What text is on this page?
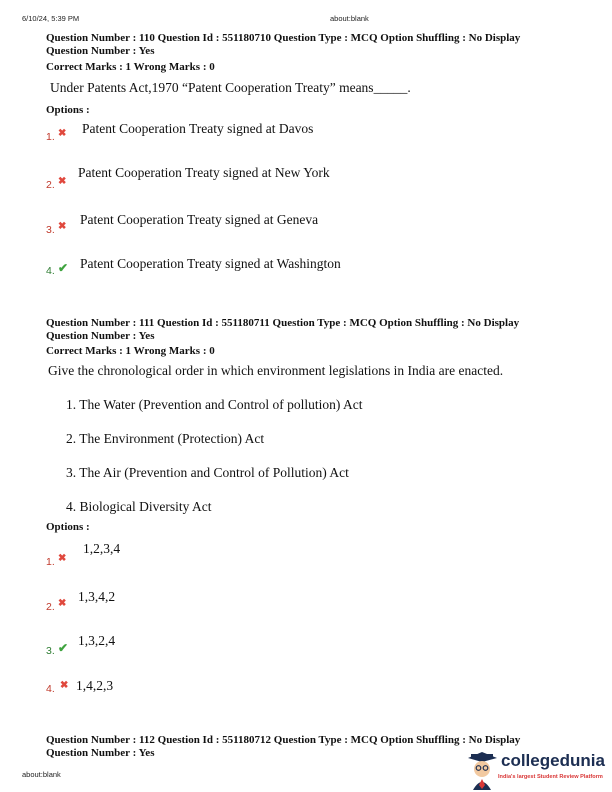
6/10/24, 5:39 PM	about:blank
Question Number : 110 Question Id : 551180710 Question Type : MCQ Option Shuffling : No Display
Question Number : Yes
Correct Marks : 1 Wrong Marks : 0
Under Patents Act,1970 “Patent Cooperation Treaty” means_____.
Options :
1. ✖ Patent Cooperation Treaty signed at Davos
2. ✖
Patent Cooperation Treaty signed at New York
3. ✖ Patent Cooperation Treaty signed at Geneva
4. ✔ Patent Cooperation Treaty signed at Washington
Question Number : 111 Question Id : 551180711 Question Type : MCQ Option Shuffling : No Display
Question Number : Yes
Correct Marks : 1 Wrong Marks : 0
Give the chronological order in which environment legislations in India are enacted.
1. The Water (Prevention and Control of pollution) Act
2. The Environment (Protection) Act
3. The Air (Prevention and Control of Pollution) Act
4. Biological Diversity Act
Options :
1. ✖
1,2,3,4
2. ✖ 1,3,4,2
3. ✔ 1,3,2,4
4. ✖ 1,4,2,3
Question Number : 112 Question Id : 551180712 Question Type : MCQ Option Shuffling : No Display
Question Number : Yes
about:blank
collegedunia
India's largest Student Review Platform
